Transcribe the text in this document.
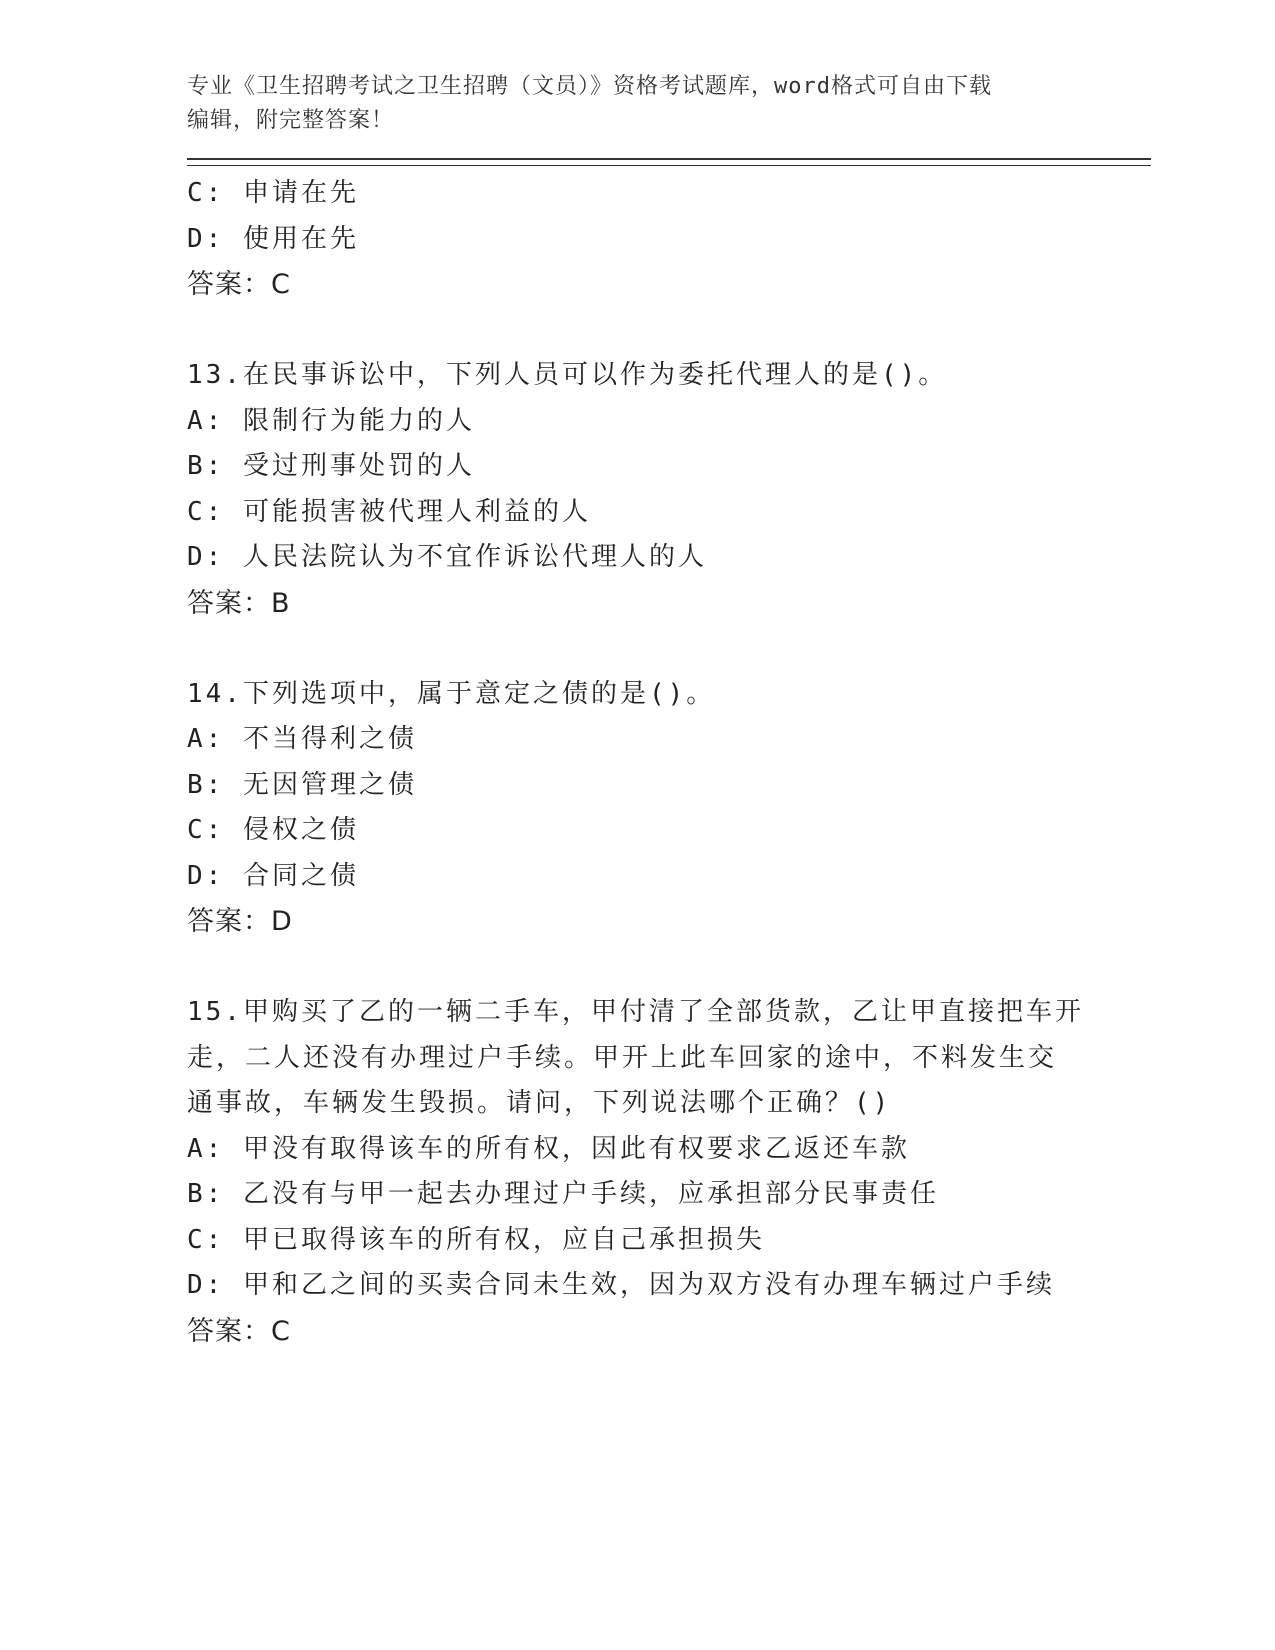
专业《卫生招聘考试之卫生招聘（文员）》资格考试题库，word格式可自由下载
编辑，附完整答案！
C: 申请在先
D: 使用在先
答案：C
13.在民事诉讼中，下列人员可以作为委托代理人的是()。
A: 限制行为能力的人
B: 受过刑事处罚的人
C: 可能损害被代理人利益的人
D: 人民法院认为不宜作诉讼代理人的人
答案：B
14.下列选项中，属于意定之债的是()。
A: 不当得利之债
B: 无因管理之债
C: 侵权之债
D: 合同之债
答案：D
15.甲购买了乙的一辆二手车，甲付清了全部货款，乙让甲直接把车开
走，二人还没有办理过户手续。甲开上此车回家的途中，不料发生交
通事故，车辆发生毁损。请问，下列说法哪个正确？()
A: 甲没有取得该车的所有权，因此有权要求乙返还车款
B: 乙没有与甲一起去办理过户手续，应承担部分民事责任
C: 甲已取得该车的所有权，应自己承担损失
D: 甲和乙之间的买卖合同未生效，因为双方没有办理车辆过户手续
答案：C
